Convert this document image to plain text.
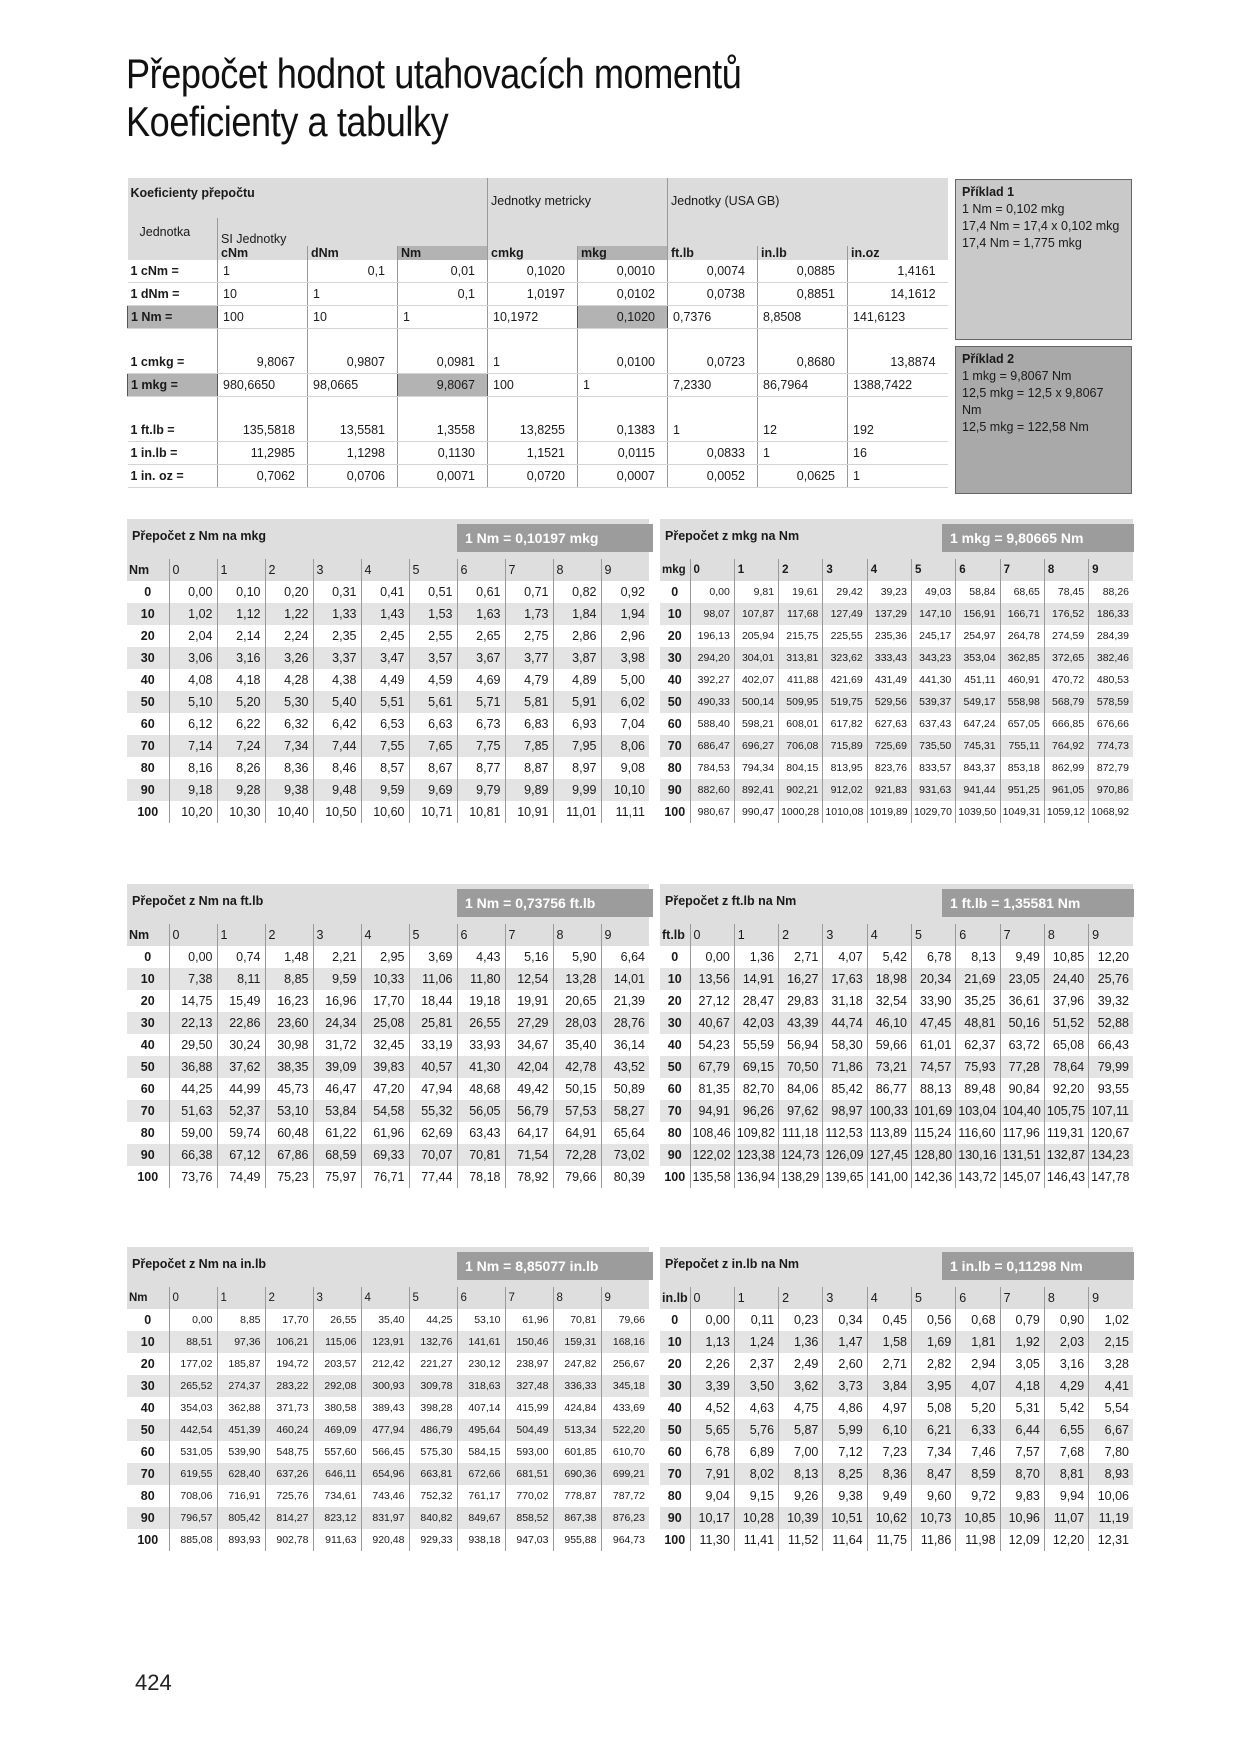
Přepočet hodnot utahovacích momentů
Koeficienty a tabulky
Koeficienty přepočtu				Jednotky metricky		Jednotky (USA GB)		
Jednotka	SI Jednotky							
	cNm	dNm	Nm	cmkg	mkg	ft.lb	in.lb	in.oz
1 cNm =	1	0,1	0,01	0,1020	0,0010	0,0074	0,0885	1,4161
1 dNm =	10	1	0,1	1,0197	0,0102	0,0738	0,8851	14,1612
1 Nm =	100	10	1	10,1972	0,1020	0,7376	8,8508	141,6123

1 cmkg =	9,8067	0,9807	0,0981	1	0,0100	0,0723	0,8680	13,8874
1 mkg =	980,6650	98,0665	9,8067	100	1	7,2330	86,7964	1388,7422

1 ft.lb =	135,5818	13,5581	1,3558	13,8255	0,1383	1	12	192
1 in.lb =	11,2985	1,1298	0,1130	1,1521	0,0115	0,0833	1	16
1 in. oz =	0,7062	0,0706	0,0071	0,0720	0,0007	0,0052	0,0625	1
Příklad 1
1 Nm = 0,102 mkg
17,4 Nm = 17,4 x 0,102 mkg
17,4 Nm = 1,775 mkg
Příklad 2
1 mkg = 9,8067 Nm
12,5 mkg = 12,5 x 9,8067 Nm
12,5 mkg = 122,58 Nm
Přepočet z Nm na mkg	1 Nm = 0,10197 mkg
Nm	0	1	2	3	4	5	6	7	8	9
0	0,00	0,10	0,20	0,31	0,41	0,51	0,61	0,71	0,82	0,92
10	1,02	1,12	1,22	1,33	1,43	1,53	1,63	1,73	1,84	1,94
20	2,04	2,14	2,24	2,35	2,45	2,55	2,65	2,75	2,86	2,96
30	3,06	3,16	3,26	3,37	3,47	3,57	3,67	3,77	3,87	3,98
40	4,08	4,18	4,28	4,38	4,49	4,59	4,69	4,79	4,89	5,00
50	5,10	5,20	5,30	5,40	5,51	5,61	5,71	5,81	5,91	6,02
60	6,12	6,22	6,32	6,42	6,53	6,63	6,73	6,83	6,93	7,04
70	7,14	7,24	7,34	7,44	7,55	7,65	7,75	7,85	7,95	8,06
80	8,16	8,26	8,36	8,46	8,57	8,67	8,77	8,87	8,97	9,08
90	9,18	9,28	9,38	9,48	9,59	9,69	9,79	9,89	9,99	10,10
100	10,20	10,30	10,40	10,50	10,60	10,71	10,81	10,91	11,01	11,11
Přepočet z mkg na Nm	1 mkg = 9,80665 Nm
mkg	0	1	2	3	4	5	6	7	8	9
0	0,00	9,81	19,61	29,42	39,23	49,03	58,84	68,65	78,45	88,26
10	98,07	107,87	117,68	127,49	137,29	147,10	156,91	166,71	176,52	186,33
20	196,13	205,94	215,75	225,55	235,36	245,17	254,97	264,78	274,59	284,39
30	294,20	304,01	313,81	323,62	333,43	343,23	353,04	362,85	372,65	382,46
40	392,27	402,07	411,88	421,69	431,49	441,30	451,11	460,91	470,72	480,53
50	490,33	500,14	509,95	519,75	529,56	539,37	549,17	558,98	568,79	578,59
60	588,40	598,21	608,01	617,82	627,63	637,43	647,24	657,05	666,85	676,66
70	686,47	696,27	706,08	715,89	725,69	735,50	745,31	755,11	764,92	774,73
80	784,53	794,34	804,15	813,95	823,76	833,57	843,37	853,18	862,99	872,79
90	882,60	892,41	902,21	912,02	921,83	931,63	941,44	951,25	961,05	970,86
100	980,67	990,47	1000,28	1010,08	1019,89	1029,70	1039,50	1049,31	1059,12	1068,92
Přepočet z Nm na ft.lb	1 Nm = 0,73756 ft.lb
Nm	0	1	2	3	4	5	6	7	8	9
0	0,00	0,74	1,48	2,21	2,95	3,69	4,43	5,16	5,90	6,64
10	7,38	8,11	8,85	9,59	10,33	11,06	11,80	12,54	13,28	14,01
20	14,75	15,49	16,23	16,96	17,70	18,44	19,18	19,91	20,65	21,39
30	22,13	22,86	23,60	24,34	25,08	25,81	26,55	27,29	28,03	28,76
40	29,50	30,24	30,98	31,72	32,45	33,19	33,93	34,67	35,40	36,14
50	36,88	37,62	38,35	39,09	39,83	40,57	41,30	42,04	42,78	43,52
60	44,25	44,99	45,73	46,47	47,20	47,94	48,68	49,42	50,15	50,89
70	51,63	52,37	53,10	53,84	54,58	55,32	56,05	56,79	57,53	58,27
80	59,00	59,74	60,48	61,22	61,96	62,69	63,43	64,17	64,91	65,64
90	66,38	67,12	67,86	68,59	69,33	70,07	70,81	71,54	72,28	73,02
100	73,76	74,49	75,23	75,97	76,71	77,44	78,18	78,92	79,66	80,39
Přepočet z ft.lb na Nm	1 ft.lb = 1,35581 Nm
ft.lb	0	1	2	3	4	5	6	7	8	9
0	0,00	1,36	2,71	4,07	5,42	6,78	8,13	9,49	10,85	12,20
10	13,56	14,91	16,27	17,63	18,98	20,34	21,69	23,05	24,40	25,76
20	27,12	28,47	29,83	31,18	32,54	33,90	35,25	36,61	37,96	39,32
30	40,67	42,03	43,39	44,74	46,10	47,45	48,81	50,16	51,52	52,88
40	54,23	55,59	56,94	58,30	59,66	61,01	62,37	63,72	65,08	66,43
50	67,79	69,15	70,50	71,86	73,21	74,57	75,93	77,28	78,64	79,99
60	81,35	82,70	84,06	85,42	86,77	88,13	89,48	90,84	92,20	93,55
70	94,91	96,26	97,62	98,97	100,33	101,69	103,04	104,40	105,75	107,11
80	108,46	109,82	111,18	112,53	113,89	115,24	116,60	117,96	119,31	120,67
90	122,02	123,38	124,73	126,09	127,45	128,80	130,16	131,51	132,87	134,23
100	135,58	136,94	138,29	139,65	141,00	142,36	143,72	145,07	146,43	147,78
Přepočet z Nm na in.lb	1 Nm = 8,85077 in.lb
Nm	0	1	2	3	4	5	6	7	8	9
0	0,00	8,85	17,70	26,55	35,40	44,25	53,10	61,96	70,81	79,66
10	88,51	97,36	106,21	115,06	123,91	132,76	141,61	150,46	159,31	168,16
20	177,02	185,87	194,72	203,57	212,42	221,27	230,12	238,97	247,82	256,67
30	265,52	274,37	283,22	292,08	300,93	309,78	318,63	327,48	336,33	345,18
40	354,03	362,88	371,73	380,58	389,43	398,28	407,14	415,99	424,84	433,69
50	442,54	451,39	460,24	469,09	477,94	486,79	495,64	504,49	513,34	522,20
60	531,05	539,90	548,75	557,60	566,45	575,30	584,15	593,00	601,85	610,70
70	619,55	628,40	637,26	646,11	654,96	663,81	672,66	681,51	690,36	699,21
80	708,06	716,91	725,76	734,61	743,46	752,32	761,17	770,02	778,87	787,72
90	796,57	805,42	814,27	823,12	831,97	840,82	849,67	858,52	867,38	876,23
100	885,08	893,93	902,78	911,63	920,48	929,33	938,18	947,03	955,88	964,73
Přepočet z in.lb na Nm	1 in.lb = 0,11298 Nm
in.lb	0	1	2	3	4	5	6	7	8	9
0	0,00	0,11	0,23	0,34	0,45	0,56	0,68	0,79	0,90	1,02
10	1,13	1,24	1,36	1,47	1,58	1,69	1,81	1,92	2,03	2,15
20	2,26	2,37	2,49	2,60	2,71	2,82	2,94	3,05	3,16	3,28
30	3,39	3,50	3,62	3,73	3,84	3,95	4,07	4,18	4,29	4,41
40	4,52	4,63	4,75	4,86	4,97	5,08	5,20	5,31	5,42	5,54
50	5,65	5,76	5,87	5,99	6,10	6,21	6,33	6,44	6,55	6,67
60	6,78	6,89	7,00	7,12	7,23	7,34	7,46	7,57	7,68	7,80
70	7,91	8,02	8,13	8,25	8,36	8,47	8,59	8,70	8,81	8,93
80	9,04	9,15	9,26	9,38	9,49	9,60	9,72	9,83	9,94	10,06
90	10,17	10,28	10,39	10,51	10,62	10,73	10,85	10,96	11,07	11,19
100	11,30	11,41	11,52	11,64	11,75	11,86	11,98	12,09	12,20	12,31
424
